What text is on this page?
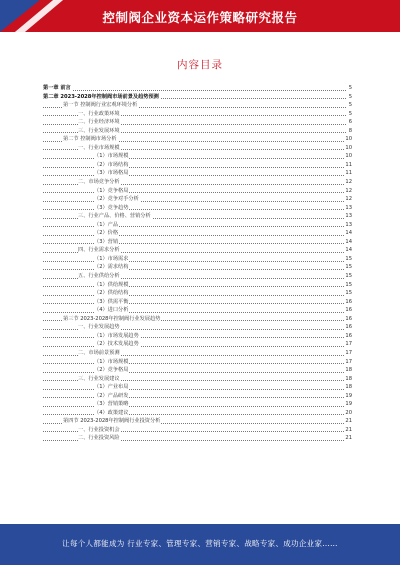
控制阀企业资本运作策略研究报告
内容目录
第一章 前言	5
第二章 2023-2028年控制阀市场前景及趋势预测	5
第一节 控制阀行业宏观环境分析	5
一、行业政策环境	5
二、行业经济环境	6
三、行业发展环境	8
第二节 控制阀市场分析	10
一、行业市场规模	10
（1）市场规模	10
（2）市场结构	11
（3）市场格局	11
二、市场竞争分析	12
（1）竞争格局	12
（2）竞争对手分析	12
（3）竞争趋势	13
三、行业产品、价格、营销分析	13
（1）产品	13
（2）价格	14
（3）营销	14
四、行业需求分析	14
（1）市场需求	15
（2）需求结构	15
五、行业供给分析	15
（1）供给规模	15
（2）供给结构	15
（3）供需平衡	16
（4）进口分析	16
第三节 2023-2028年控制阀行业发展趋势	16
一、行业发展趋势	16
（1）市场发展趋势	16
（2）技术发展趋势	17
二、市场前景预测	17
（1）市场规模	17
（2）竞争格局	18
三、行业发展建议	18
（1）产业布局	18
（2）产品研发	19
（3）营销策略	19
（4）政策建议	20
第四节 2023-2028年控制阀行业投资分析	21
一、行业投资机会	21
二、行业投资风险	21
让每个人都能成为 行业专家、管理专家、营销专家、战略专家、成功企业家……
